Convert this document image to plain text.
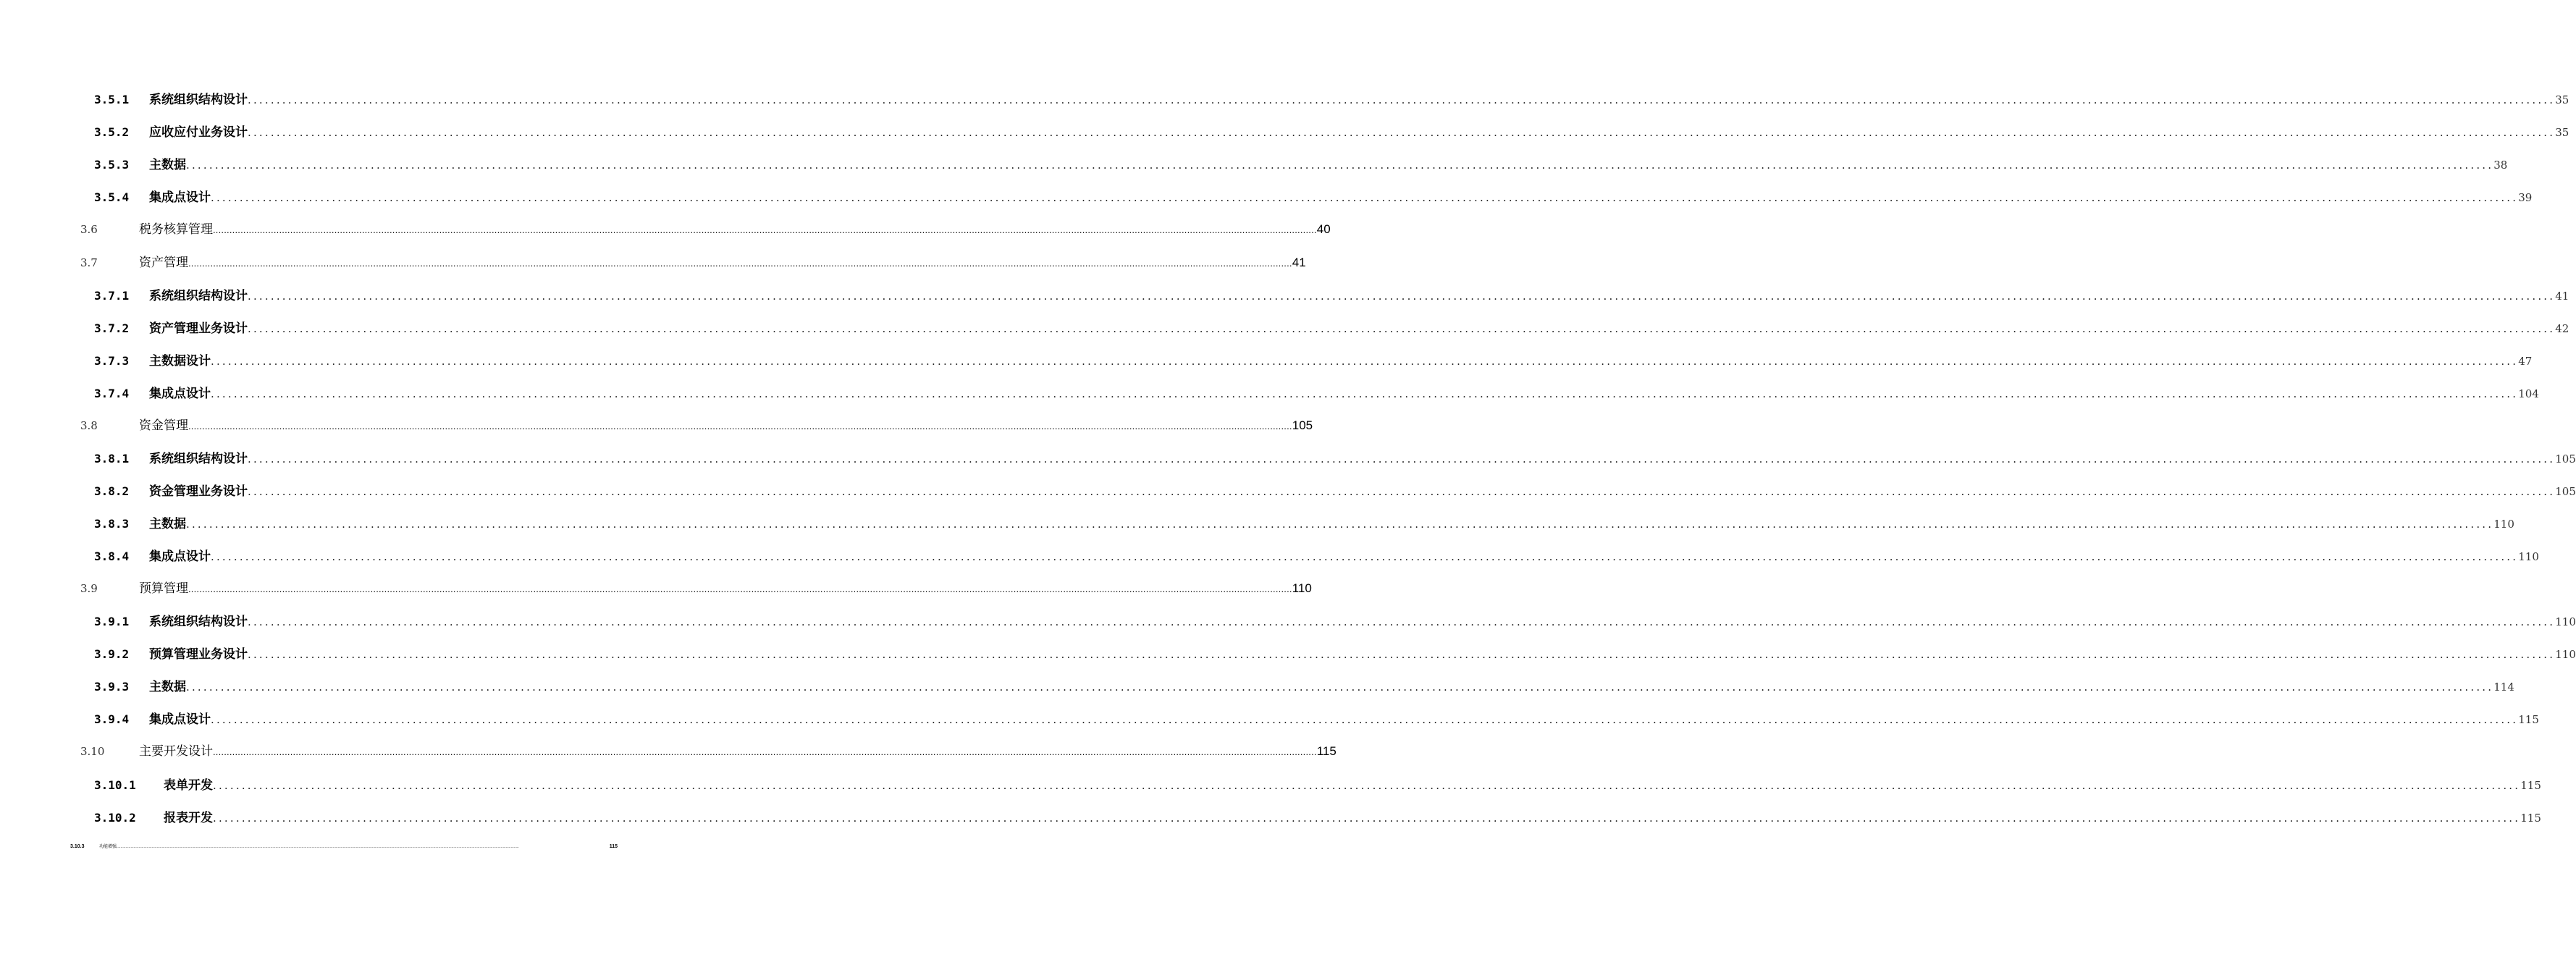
3.5.1	系统组织结构设计 ................................................................................................................................................................................................................................................................................................................................................................................................................ 35
3.5.2	应收应付业务设计 ................................................................................................................................................................................................................................................................................................................................................................................................................ 35
3.5.3	主数据 ................................................................................................................................................................................................................................................................................................................................................................................................................ 38
3.5.4	集成点设计 ................................................................................................................................................................................................................................................................................................................................................................................................................ 39
3.6	税务核算管理 ................................................................................................................................................................................................................................................................................................................................................................................................................ 40
3.7	资产管理 ................................................................................................................................................................................................................................................................................................................................................................................................................ 41
3.7.1	系统组织结构设计 ................................................................................................................................................................................................................................................................................................................................................................................................................ 41
3.7.2	资产管理业务设计 ................................................................................................................................................................................................................................................................................................................................................................................................................ 42
3.7.3	主数据设计 ................................................................................................................................................................................................................................................................................................................................................................................................................ 47
3.7.4	集成点设计 ................................................................................................................................................................................................................................................................................................................................................................................................................ 104
3.8	资金管理 ................................................................................................................................................................................................................................................................................................................................................................................................................ 105
3.8.1	系统组织结构设计 ................................................................................................................................................................................................................................................................................................................................................................................................................ 105
3.8.2	资金管理业务设计 ................................................................................................................................................................................................................................................................................................................................................................................................................ 105
3.8.3	主数据 ................................................................................................................................................................................................................................................................................................................................................................................................................ 110
3.8.4	集成点设计 ................................................................................................................................................................................................................................................................................................................................................................................................................ 110
3.9	预算管理 ................................................................................................................................................................................................................................................................................................................................................................................................................ 110
3.9.1	系统组织结构设计 ................................................................................................................................................................................................................................................................................................................................................................................................................ 110
3.9.2	预算管理业务设计 ................................................................................................................................................................................................................................................................................................................................................................................................................ 110
3.9.3	主数据 ................................................................................................................................................................................................................................................................................................................................................................................................................ 114
3.9.4	集成点设计 ................................................................................................................................................................................................................................................................................................................................................................................................................ 115
3.10	主要开发设计 ................................................................................................................................................................................................................................................................................................................................................................................................................ 115
3.10.1	表单开发 ................................................................................................................................................................................................................................................................................................................................................................................................................ 115
3.10.2	报表开发 ................................................................................................................................................................................................................................................................................................................................................................................................................ 115
3.10.3	功能增强 ................................................................................................................................................................................................................................................................................................................................................................................................................	115
